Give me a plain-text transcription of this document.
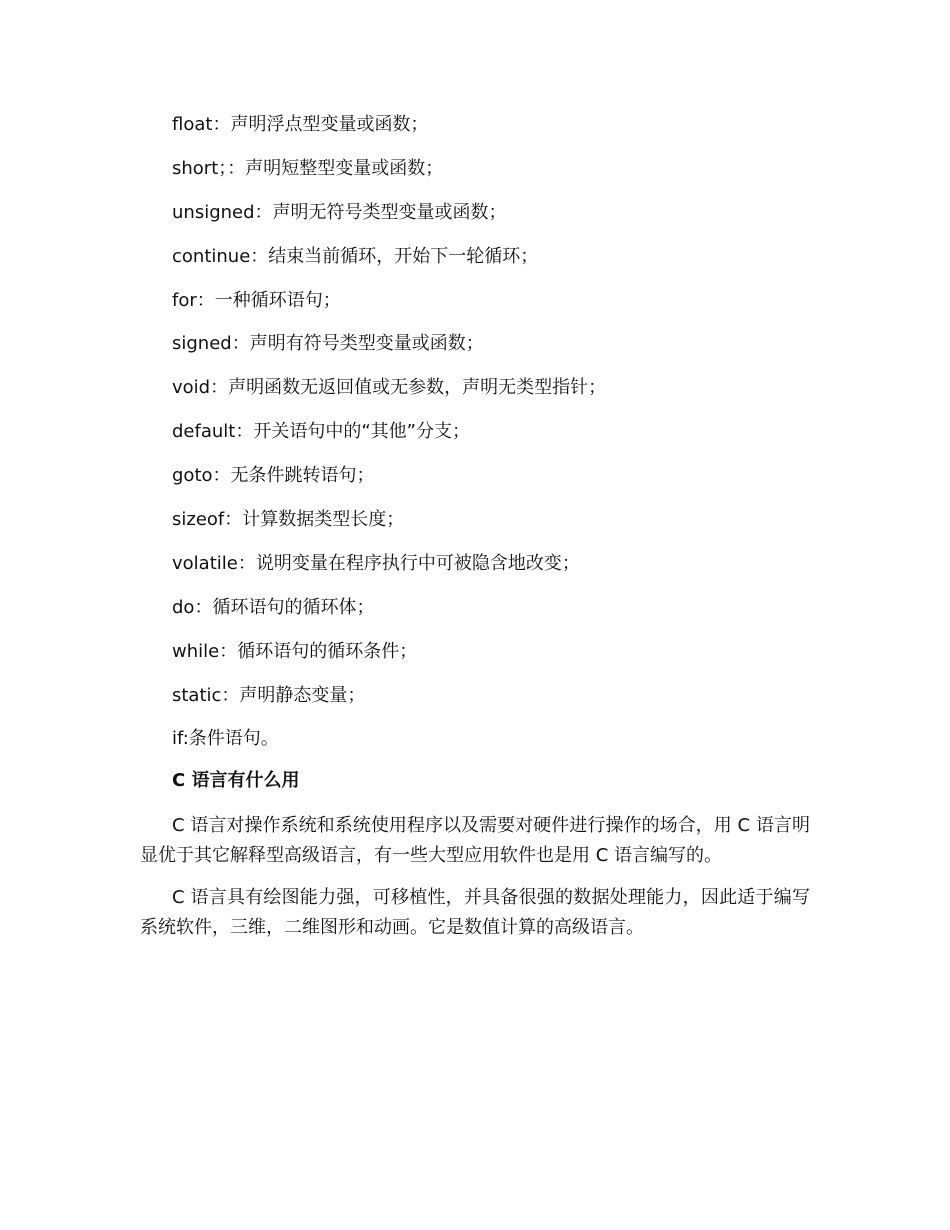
float：声明浮点型变量或函数；
short；：声明短整型变量或函数；
unsigned：声明无符号类型变量或函数；
continue：结束当前循环，开始下一轮循环；
for：一种循环语句；
signed：声明有符号类型变量或函数；
void：声明函数无返回值或无参数，声明无类型指针；
default：开关语句中的“其他”分支；
goto：无条件跳转语句；
sizeof：计算数据类型长度；
volatile：说明变量在程序执行中可被隐含地改变；
do：循环语句的循环体；
while：循环语句的循环条件；
static：声明静态变量；
if:条件语句。
C 语言有什么用

C 语言对操作系统和系统使用程序以及需要对硬件进行操作的场合，用 C 语言明显优于其它解释型高级语言，有一些大型应用软件也是用 C 语言编写的。

C 语言具有绘图能力强，可移植性，并具备很强的数据处理能力，因此适于编写系统软件，三维，二维图形和动画。它是数值计算的高级语言。
